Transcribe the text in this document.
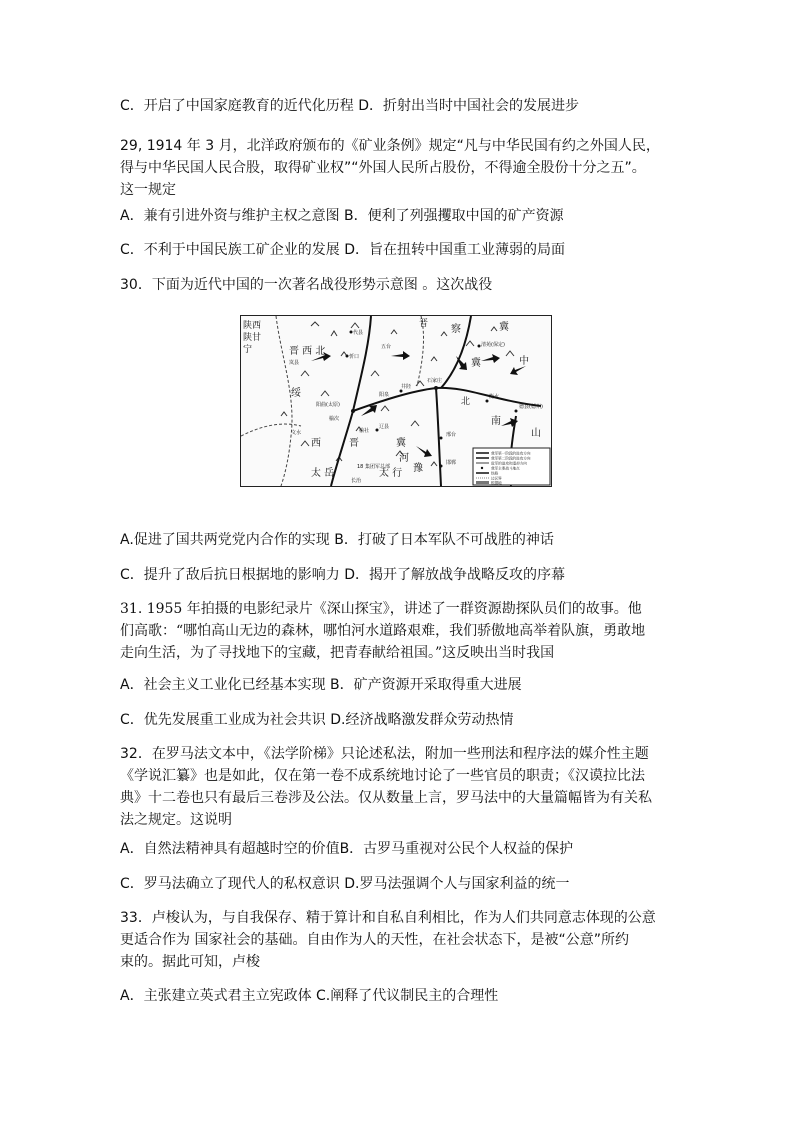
C．开启了中国家庭教育的近代化历程 D．折射出当时中国社会的发展进步
29, 1914 年 3 月，北洋政府颁布的《矿业条例》规定“凡与中华民国有约之外国人民，
得与中华民国人民合股，取得矿业权”“外国人民所占股份，不得逾全股份十分之五”。
这一规定
A．兼有引进外资与维护主权之意图 B．便利了列强攫取中国的矿产资源
C．不利于中国民族工矿企业的发展 D．旨在扭转中国重工业薄弱的局面
30．下面为近代中国的一次著名战役形势示意图 。这次战役
我军第一阶段的进攻方向
我军第二阶段的进攻方向
敌军的进攻和退却方向
我军主要战斗地点
铁路
边区界
根据地
陕西
陕甘
宁	晋 西 北
绥
西	晋
太 岳
冀
察
晋	冀
中
冀
南
山
豫
太 行
河
北
代县
忻口
五台
岚县
阳泉
阳曲(太原)
榆次
文水
井陉
石家庄
清苑(保定)
衡水
德县(德州)
榆社
辽县
18 集团军总部
邢台
邯郸
长治
A.促进了国共两党党内合作的实现 B．打破了日本军队不可战胜的神话
C．提升了敌后抗日根据地的影响力 D．揭开了解放战争战略反攻的序幕
31. 1955 年拍摄的电影纪录片《深山探宝》，讲述了一群资源勘探队员们的故事。他
们高歌：“哪怕高山无边的森林，哪怕河水道路艰难，我们骄傲地高举着队旗，勇敢地
走向生活，为了寻找地下的宝藏，把青春献给祖国。”这反映出当时我国
A．社会主义工业化已经基本实现 B．矿产资源开采取得重大进展
C．优先发展重工业成为社会共识 D.经济战略激发群众劳动热情
32．在罗马法文本中，《法学阶梯》只论述私法，附加一些刑法和程序法的媒介性主题
《学说汇纂》也是如此，仅在第一卷不成系统地讨论了一些官员的职责；《汉谟拉比法
典》十二卷也只有最后三卷涉及公法。仅从数量上言，罗马法中的大量篇幅皆为有关私
法之规定。这说明
A．自然法精神具有超越时空的价值B．古罗马重视对公民个人权益的保护
C．罗马法确立了现代人的私权意识 D.罗马法强调个人与国家利益的统一
33．卢梭认为，与自我保存、精于算计和自私自利相比，作为人们共同意志体现的公意
更适合作为 国家社会的基础。自由作为人的天性，在社会状态下，是被“公意”所约
束的。据此可知，卢梭
A．主张建立英式君主立宪政体 C.阐释了代议制民主的合理性
